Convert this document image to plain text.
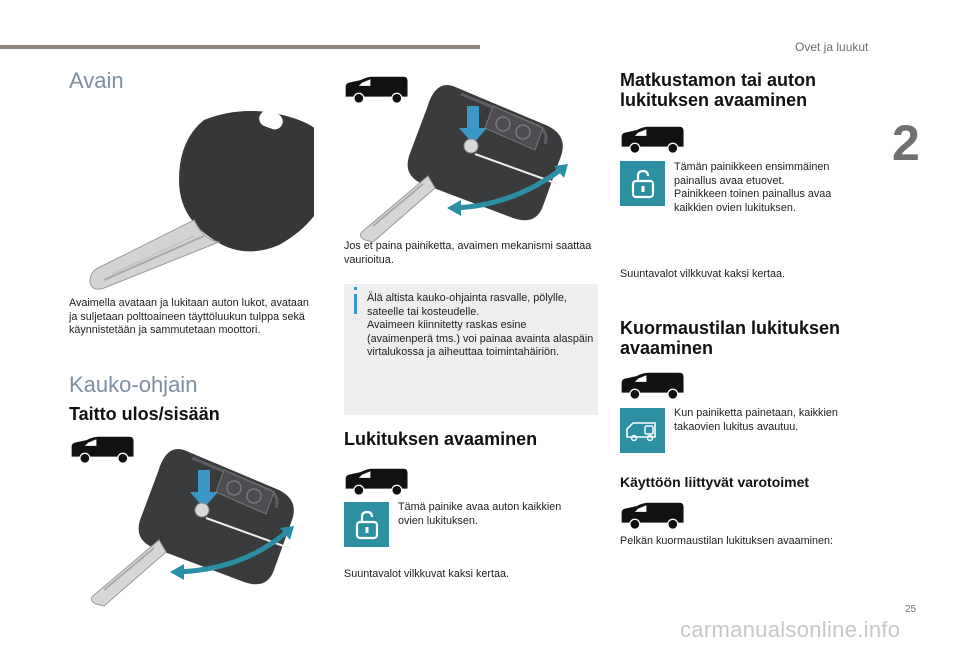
Ovet ja luukut
2
Avain
Avaimella avataan ja lukitaan auton lukot, avataan ja suljetaan polttoaineen täyttöluukun tulppa sekä käynnistetään ja sammutetaan moottori.
Kauko-ohjain
Taitto ulos/sisään
Jos et paina painiketta, avaimen mekanismi saattaa vaurioitua.
Älä altista kauko-ohjainta rasvalle, pölylle, sateelle tai kosteudelle.
Avaimeen kiinnitetty raskas esine (avaimenperä tms.) voi painaa avainta alaspäin virtalukossa ja aiheuttaa toimintahäiriön.
Lukituksen avaaminen
Tämä painike avaa auton kaikkien ovien lukituksen.
Suuntavalot vilkkuvat kaksi kertaa.
Matkustamon tai auton lukituksen avaaminen
Tämän painikkeen ensimmäinen painallus avaa etuovet.
Painikkeen toinen painallus avaa kaikkien ovien lukituksen.
Suuntavalot vilkkuvat kaksi kertaa.
Kuormaustilan lukituksen avaaminen
Kun painiketta painetaan, kaikkien takaovien lukitus avautuu.
Käyttöön liittyvät varotoimet
Pelkän kuormaustilan lukituksen avaaminen:
25
carmanualsonline.info
